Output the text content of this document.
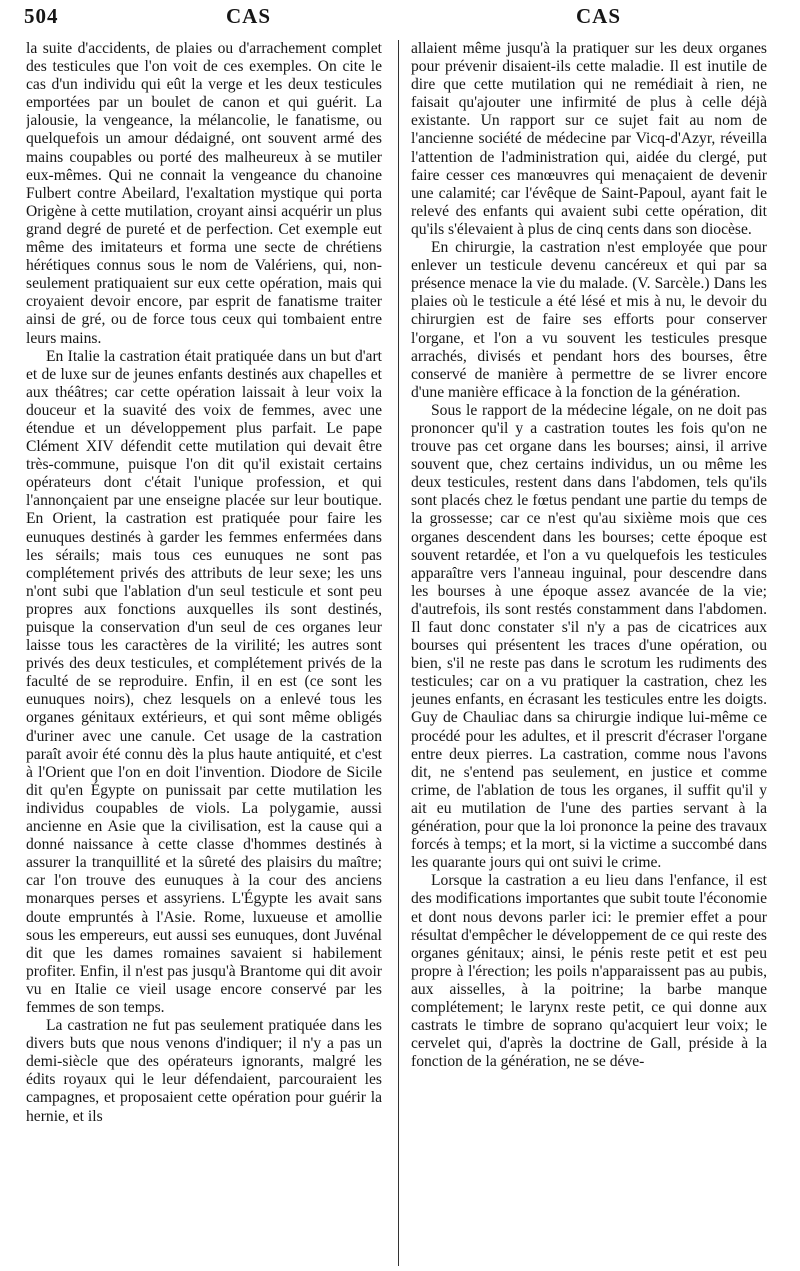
504	CAS	CAS

la suite d'accidents, de plaies ou d'arrachement complet des testicules que l'on voit de ces exemples. On cite le cas d'un individu qui eût la verge et les deux testicules emportées par un boulet de canon et qui guérit. La jalousie, la vengeance, la mélancolie, le fanatisme, ou quelquefois un amour dédaigné, ont souvent armé des mains coupables ou porté des malheureux à se mutiler eux-mêmes. Qui ne connait la vengeance du chanoine Fulbert contre Abeilard, l'exaltation mystique qui porta Origène à cette mutilation, croyant ainsi acquérir un plus grand degré de pureté et de perfection. Cet exemple eut même des imitateurs et forma une secte de chrétiens hérétiques connus sous le nom de Valériens, qui, non-seulement pratiquaient sur eux cette opération, mais qui croyaient devoir encore, par esprit de fanatisme traiter ainsi de gré, ou de force tous ceux qui tombaient entre leurs mains.

En Italie la castration était pratiquée dans un but d'art et de luxe sur de jeunes enfants destinés aux chapelles et aux théâtres; car cette opération laissait à leur voix la douceur et la suavité des voix de femmes, avec une étendue et un développement plus parfait. Le pape Clément XIV défendit cette mutilation qui devait être très-commune, puisque l'on dit qu'il existait certains opérateurs dont c'était l'unique profession, et qui l'annonçaient par une enseigne placée sur leur boutique. En Orient, la castration est pratiquée pour faire les eunuques destinés à garder les femmes enfermées dans les sérails; mais tous ces eunuques ne sont pas complétement privés des attributs de leur sexe; les uns n'ont subi que l'ablation d'un seul testicule et sont peu propres aux fonctions auxquelles ils sont destinés, puisque la conservation d'un seul de ces organes leur laisse tous les caractères de la virilité; les autres sont privés des deux testicules, et complétement privés de la faculté de se reproduire. Enfin, il en est (ce sont les eunuques noirs), chez lesquels on a enlevé tous les organes génitaux extérieurs, et qui sont même obligés d'uriner avec une canule. Cet usage de la castration paraît avoir été connu dès la plus haute antiquité, et c'est à l'Orient que l'on en doit l'invention. Diodore de Sicile dit qu'en Égypte on punissait par cette mutilation les individus coupables de viols. La polygamie, aussi ancienne en Asie que la civilisation, est la cause qui a donné naissance à cette classe d'hommes destinés à assurer la tranquillité et la sûreté des plaisirs du maître; car l'on trouve des eunuques à la cour des anciens monarques perses et assyriens. L'Égypte les avait sans doute empruntés à l'Asie. Rome, luxueuse et amollie sous les empereurs, eut aussi ses eunuques, dont Juvénal dit que les dames romaines savaient si habilement profiter. Enfin, il n'est pas jusqu'à Brantome qui dit avoir vu en Italie ce vieil usage encore conservé par les femmes de son temps.

La castration ne fut pas seulement pratiquée dans les divers buts que nous venons d'indiquer; il n'y a pas un demi-siècle que des opérateurs ignorants, malgré les édits royaux qui le leur défendaient, parcouraient les campagnes, et proposaient cette opération pour guérir la hernie, et ils

allaient même jusqu'à la pratiquer sur les deux organes pour prévenir disaient-ils cette maladie. Il est inutile de dire que cette mutilation qui ne remédiait à rien, ne faisait qu'ajouter une infirmité de plus à celle déjà existante. Un rapport sur ce sujet fait au nom de l'ancienne société de médecine par Vicq-d'Azyr, réveilla l'attention de l'administration qui, aidée du clergé, put faire cesser ces manœuvres qui menaçaient de devenir une calamité; car l'évêque de Saint-Papoul, ayant fait le relevé des enfants qui avaient subi cette opération, dit qu'ils s'élevaient à plus de cinq cents dans son diocèse.

En chirurgie, la castration n'est employée que pour enlever un testicule devenu cancéreux et qui par sa présence menace la vie du malade. (V. Sarcèle.) Dans les plaies où le testicule a été lésé et mis à nu, le devoir du chirurgien est de faire ses efforts pour conserver l'organe, et l'on a vu souvent les testicules presque arrachés, divisés et pendant hors des bourses, être conservé de manière à permettre de se livrer encore d'une manière efficace à la fonction de la génération.

Sous le rapport de la médecine légale, on ne doit pas prononcer qu'il y a castration toutes les fois qu'on ne trouve pas cet organe dans les bourses; ainsi, il arrive souvent que, chez certains individus, un ou même les deux testicules, restent dans dans l'abdomen, tels qu'ils sont placés chez le fœtus pendant une partie du temps de la grossesse; car ce n'est qu'au sixième mois que ces organes descendent dans les bourses; cette époque est souvent retardée, et l'on a vu quelquefois les testicules apparaître vers l'anneau inguinal, pour descendre dans les bourses à une époque assez avancée de la vie; d'autrefois, ils sont restés constamment dans l'abdomen. Il faut donc constater s'il n'y a pas de cicatrices aux bourses qui présentent les traces d'une opération, ou bien, s'il ne reste pas dans le scrotum les rudiments des testicules; car on a vu pratiquer la castration, chez les jeunes enfants, en écrasant les testicules entre les doigts. Guy de Chauliac dans sa chirurgie indique lui-même ce procédé pour les adultes, et il prescrit d'écraser l'organe entre deux pierres. La castration, comme nous l'avons dit, ne s'entend pas seulement, en justice et comme crime, de l'ablation de tous les organes, il suffit qu'il y ait eu mutilation de l'une des parties servant à la génération, pour que la loi prononce la peine des travaux forcés à temps; et la mort, si la victime a succombé dans les quarante jours qui ont suivi le crime.

Lorsque la castration a eu lieu dans l'enfance, il est des modifications importantes que subit toute l'économie et dont nous devons parler ici: le premier effet a pour résultat d'empêcher le développement de ce qui reste des organes génitaux; ainsi, le pénis reste petit et est peu propre à l'érection; les poils n'apparaissent pas au pubis, aux aisselles, à la poitrine; la barbe manque complétement; le larynx reste petit, ce qui donne aux castrats le timbre de soprano qu'acquiert leur voix; le cervelet qui, d'après la doctrine de Gall, préside à la fonction de la génération, ne se déve-
